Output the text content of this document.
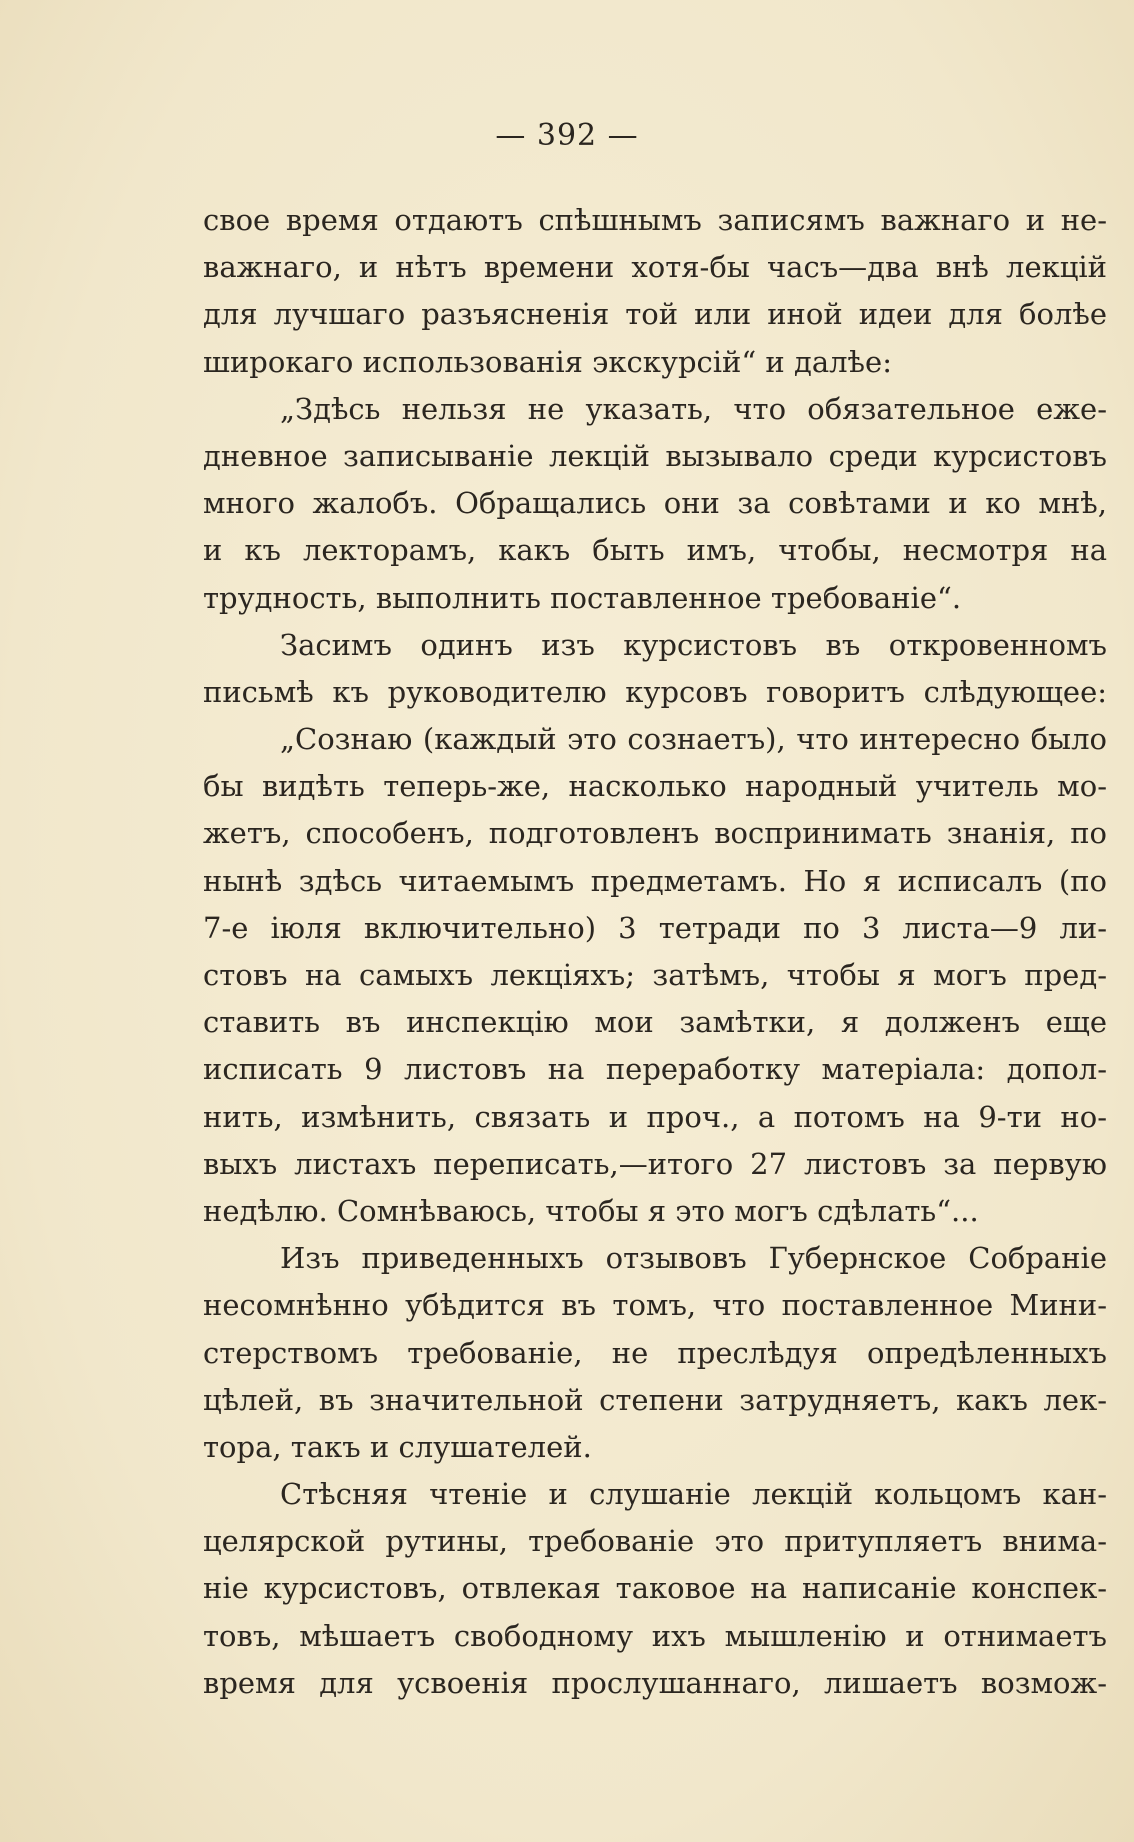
— 392 —
свое время отдаютъ спѣшнымъ записямъ важнаго и не-
важнаго, и нѣтъ времени хотя-бы часъ—два внѣ лекцій
для лучшаго разъясненія той или иной идеи для болѣе
широкаго использованія экскурсій“ и далѣе:
„Здѣсь нельзя не указать, что обязательное еже-
дневное записываніе лекцій вызывало среди курсистовъ
много жалобъ. Обращались они за совѣтами и ко мнѣ,
и къ лекторамъ, какъ быть имъ, чтобы, несмотря на
трудность, выполнить поставленное требованіе“.
Засимъ одинъ изъ курсистовъ въ откровенномъ
письмѣ къ руководителю курсовъ говоритъ слѣдующее:
„Сознаю (каждый это сознаетъ), что интересно было
бы видѣть теперь-же, насколько народный учитель мо-
жетъ, способенъ, подготовленъ воспринимать знанія, по
нынѣ здѣсь читаемымъ предметамъ. Но я исписалъ (по
7-е іюля включительно) 3 тетради по 3 листа—9 ли-
стовъ на самыхъ лекціяхъ; затѣмъ, чтобы я могъ пред-
ставить въ инспекцію мои замѣтки, я долженъ еще
исписать 9 листовъ на переработку матеріала: допол-
нить, измѣнить, связать и проч., а потомъ на 9-ти но-
выхъ листахъ переписать,—итого 27 листовъ за первую
недѣлю. Сомнѣваюсь, чтобы я это могъ сдѣлать“...
Изъ приведенныхъ отзывовъ Губернское Собраніе
несомнѣнно убѣдится въ томъ, что поставленное Мини-
стерствомъ требованіе, не преслѣдуя опредѣленныхъ
цѣлей, въ значительной степени затрудняетъ, какъ лек-
тора, такъ и слушателей.
Стѣсняя чтеніе и слушаніе лекцій кольцомъ кан-
целярской рутины, требованіе это притупляетъ внима-
ніе курсистовъ, отвлекая таковое на написаніе конспек-
товъ, мѣшаетъ свободному ихъ мышленію и отнимаетъ
время для усвоенія прослушаннаго, лишаетъ возмож-
